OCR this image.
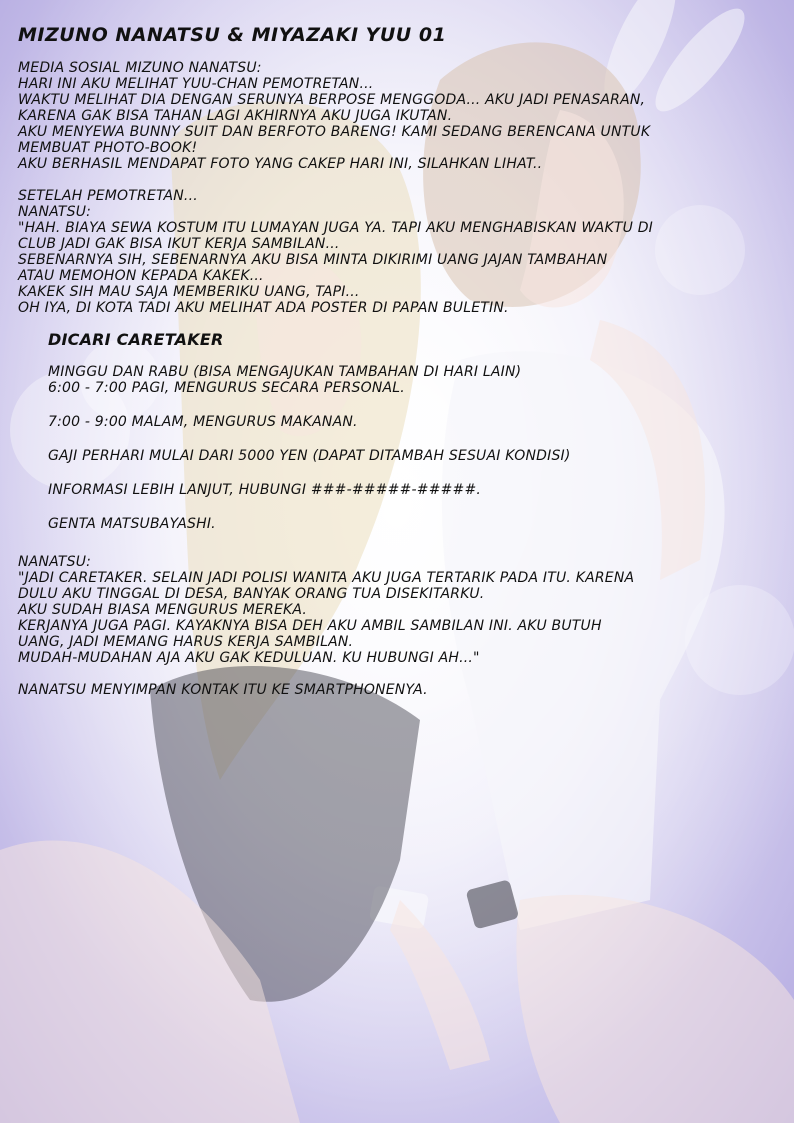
MIZUNO NANATSU & MIYAZAKI YUU 01
MEDIA SOSIAL MIZUNO NANATSU:
HARI INI AKU MELIHAT YUU-CHAN PEMOTRETAN...
WAKTU MELIHAT DIA DENGAN SERUNYA BERPOSE MENGGODA... AKU JADI PENASARAN,
KARENA GAK BISA TAHAN LAGI AKHIRNYA AKU JUGA IKUTAN.
AKU MENYEWA BUNNY SUIT DAN BERFOTO BARENG! KAMI SEDANG BERENCANA UNTUK
MEMBUAT PHOTO-BOOK!
AKU BERHASIL MENDAPAT FOTO YANG CAKEP HARI INI, SILAHKAN LIHAT..
SETELAH PEMOTRETAN...
NANATSU:
"HAH. BIAYA SEWA KOSTUM ITU LUMAYAN JUGA YA. TAPI AKU MENGHABISKAN WAKTU DI
CLUB JADI GAK BISA IKUT KERJA SAMBILAN...
SEBENARNYA SIH, SEBENARNYA AKU BISA MINTA DIKIRIMI UANG JAJAN TAMBAHAN
ATAU MEMOHON KEPADA KAKEK...
KAKEK SIH MAU SAJA MEMBERIKU UANG, TAPI...
OH IYA, DI KOTA TADI AKU MELIHAT ADA POSTER DI PAPAN BULETIN.
DICARI CARETAKER
MINGGU DAN RABU (BISA MENGAJUKAN TAMBAHAN DI HARI LAIN)
6:00 - 7:00 PAGI, MENGURUS SECARA PERSONAL.
7:00 - 9:00 MALAM, MENGURUS MAKANAN.
GAJI PERHARI MULAI DARI 5000 YEN (DAPAT DITAMBAH SESUAI KONDISI)
INFORMASI LEBIH LANJUT, HUBUNGI ###-#####-#####.
GENTA MATSUBAYASHI.
NANATSU:
"JADI CARETAKER. SELAIN JADI POLISI WANITA AKU JUGA TERTARIK PADA ITU. KARENA
DULU AKU TINGGAL DI DESA, BANYAK ORANG TUA DISEKITARKU.
AKU SUDAH BIASA MENGURUS MEREKA.
KERJANYA JUGA PAGI. KAYAKNYA BISA DEH AKU AMBIL SAMBILAN INI. AKU BUTUH
UANG, JADI MEMANG HARUS KERJA SAMBILAN.
MUDAH-MUDAHAN AJA AKU GAK KEDULUAN. KU HUBUNGI AH..."
NANATSU MENYIMPAN KONTAK ITU KE SMARTPHONENYA.
